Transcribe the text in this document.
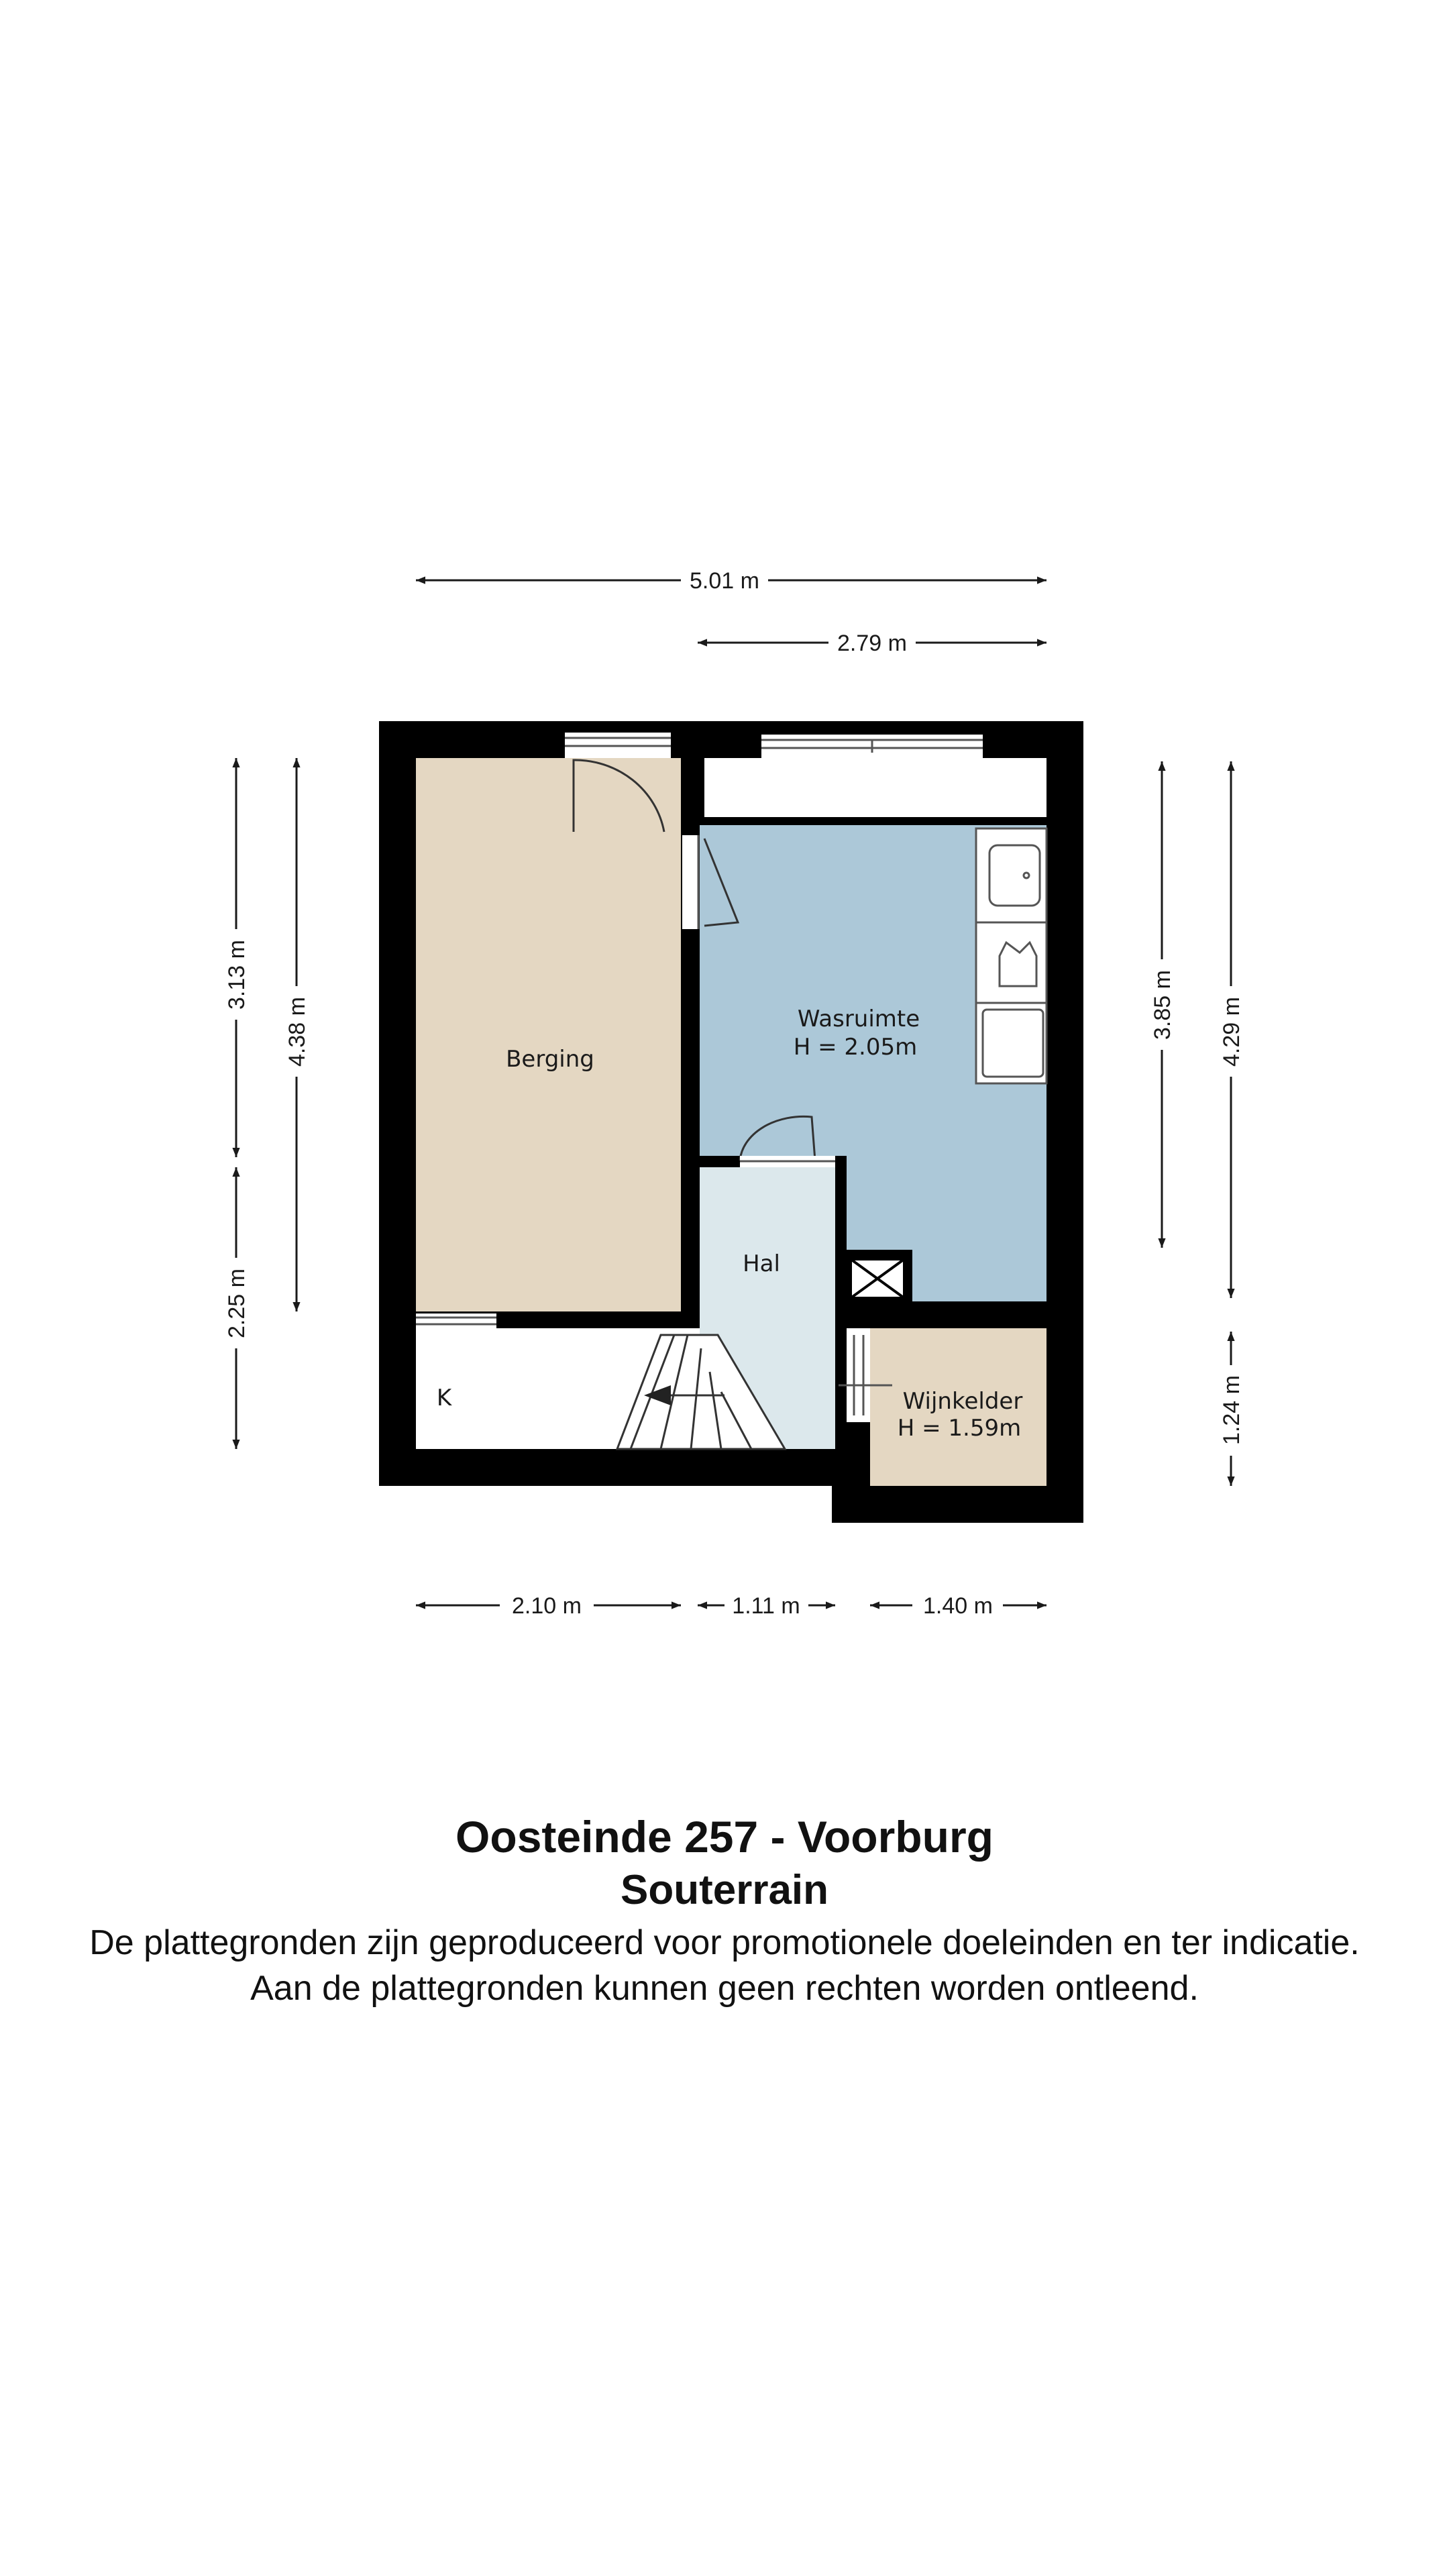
Berging
Wasruimte
H = 2.05m
Hal
K	Wijnkelder
H = 1.59m
5.01 m
2.79 m
2.10 m	1.11 m	1.40 m
3.13 m
4.38 m
2.25 m
3.85 m 4.29 m
1.24 m
Oosteinde 257 - Voorburg
Souterrain
De plattegronden zijn geproduceerd voor promotionele doeleinden en ter indicatie.
Aan de plattegronden kunnen geen rechten worden ontleend.
